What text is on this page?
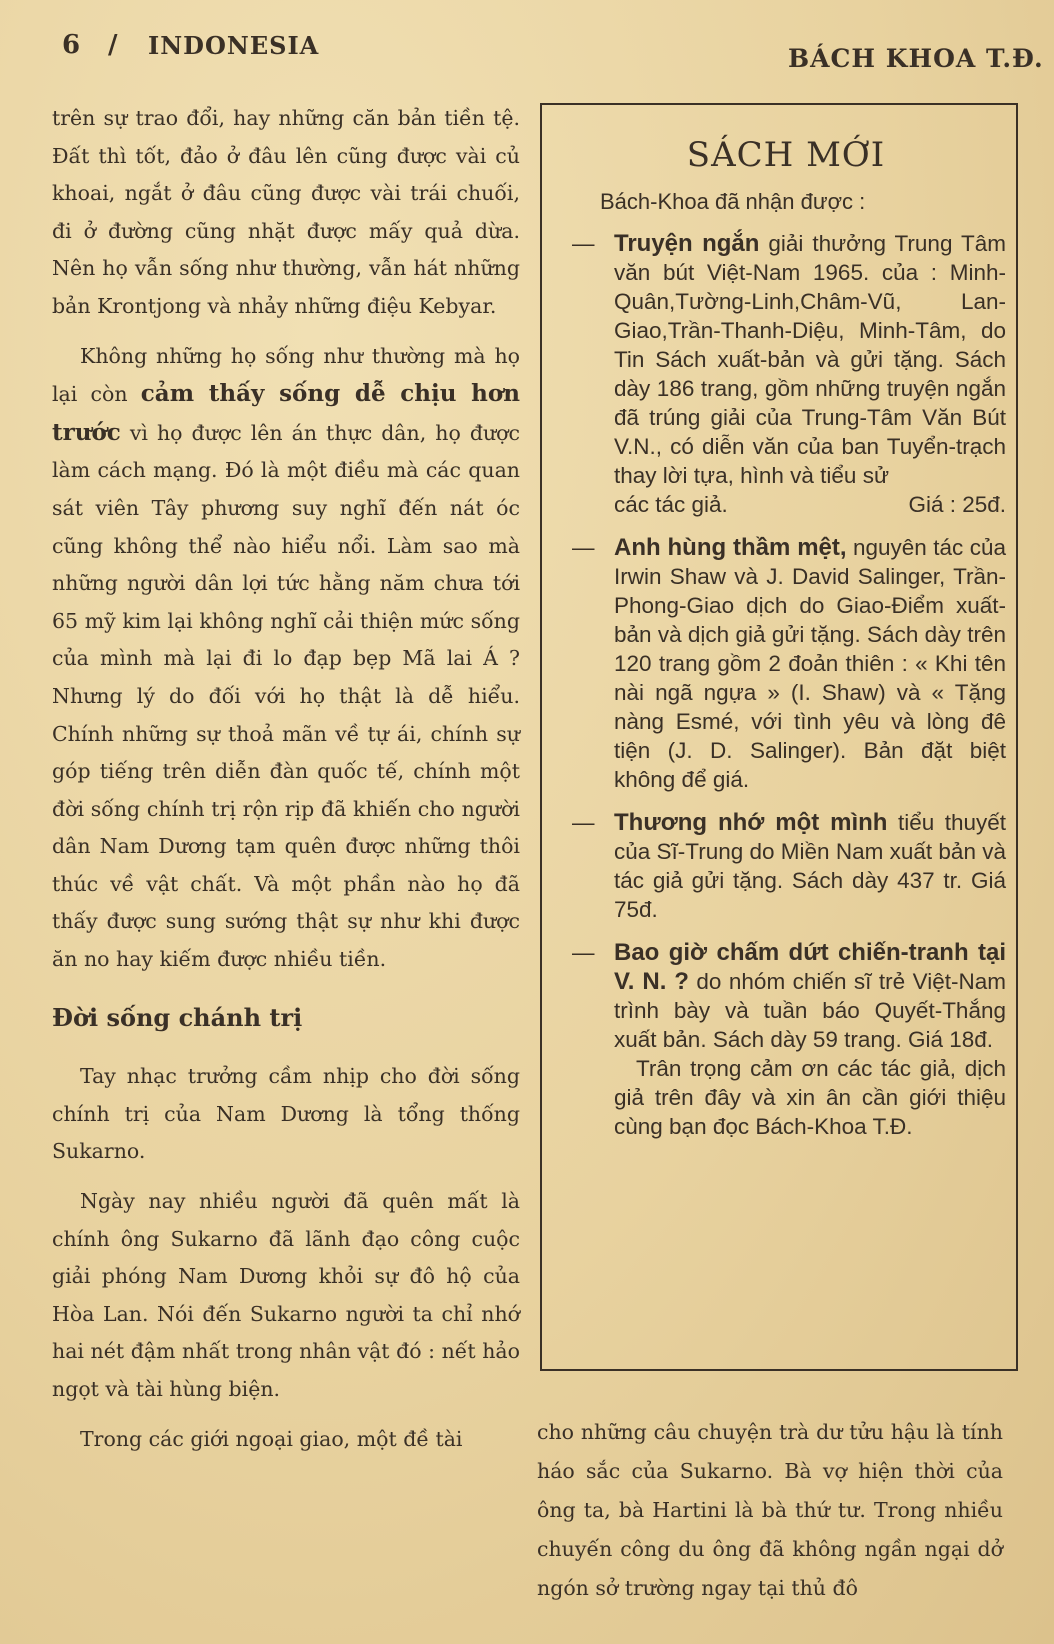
6 / INDONESIA	BÁCH KHOA T.Đ.

trên sự trao đổi, hay những căn bản tiền tệ. Đất thì tốt, đảo ở đâu lên cũng được vài củ khoai, ngắt ở đâu cũng được vài trái chuối, đi ở đường cũng nhặt được mấy quả dừa. Nên họ vẫn sống như thường, vẫn hát những bản Krontjong và nhảy những điệu Kebyar.

Không những họ sống như thường mà họ lại còn cảm thấy sống dễ chịu hơn trước vì họ được lên án thực dân, họ được làm cách mạng. Đó là một điều mà các quan sát viên Tây phương suy nghĩ đến nát óc cũng không thể nào hiểu nổi. Làm sao mà những người dân lợi tức hằng năm chưa tới 65 mỹ kim lại không nghĩ cải thiện mức sống của mình mà lại đi lo đạp bẹp Mã lai Á ? Nhưng lý do đối với họ thật là dễ hiểu. Chính những sự thoả mãn về tự ái, chính sự góp tiếng trên diễn đàn quốc tế, chính một đời sống chính trị rộn rịp đã khiến cho người dân Nam Dương tạm quên được những thôi thúc về vật chất. Và một phần nào họ đã thấy được sung sướng thật sự như khi được ăn no hay kiếm được nhiều tiền.

Đời sống chánh trị

Tay nhạc trưởng cầm nhịp cho đời sống chính trị của Nam Dương là tổng thống Sukarno.

Ngày nay nhiều người đã quên mất là chính ông Sukarno đã lãnh đạo công cuộc giải phóng Nam Dương khỏi sự đô hộ của Hòa Lan. Nói đến Sukarno người ta chỉ nhớ hai nét đậm nhất trong nhân vật đó : nết hảo ngọt và tài hùng biện.

Trong các giới ngoại giao, một đề tài

SÁCH MỚI
Bách-Khoa đã nhận được :
— Truyện ngắn giải thưởng Trung Tâm văn bút Việt-Nam 1965. của : Minh-Quân,Tường-Linh,Châm-Vũ, Lan-Giao,Trần-Thanh-Diệu, Minh-Tâm, do Tin Sách xuất-bản và gửi tặng. Sách dày 186 trang, gồm những truyện ngắn đã trúng giải của Trung-Tâm Văn Bút V.N., có diễn văn của ban Tuyển-trạch thay lời tựa, hình và tiểu sử
các tác giả.	Giá : 25đ.
— Anh hùng thầm mệt, nguyên tác của Irwin Shaw và J. David Salinger, Trần-Phong-Giao dịch do Giao-Điểm xuất-bản và dịch giả gửi tặng. Sách dày trên 120 trang gồm 2 đoản thiên : « Khi tên nài ngã ngựa » (I. Shaw) và « Tặng nàng Esmé, với tình yêu và lòng đê tiện (J. D. Salinger). Bản đặt biệt không để giá.
— Thương nhớ một mình tiểu thuyết của Sĩ-Trung do Miền Nam xuất bản và tác giả gửi tặng. Sách dày 437 tr. Giá 75đ.
— Bao giờ chấm dứt chiến-tranh tại V. N. ? do nhóm chiến sĩ trẻ Việt-Nam trình bày và tuần báo Quyết-Thắng xuất bản. Sách dày 59 trang. Giá 18đ.
Trân trọng cảm ơn các tác giả, dịch giả trên đây và xin ân cần giới thiệu cùng bạn đọc Bách-Khoa T.Đ.
cho những câu chuyện trà dư tửu hậu là tính háo sắc của Sukarno. Bà vợ hiện thời của ông ta, bà Hartini là bà thứ tư. Trong nhiều chuyến công du ông đã không ngần ngại dở ngón sở trường ngay tại thủ đô
